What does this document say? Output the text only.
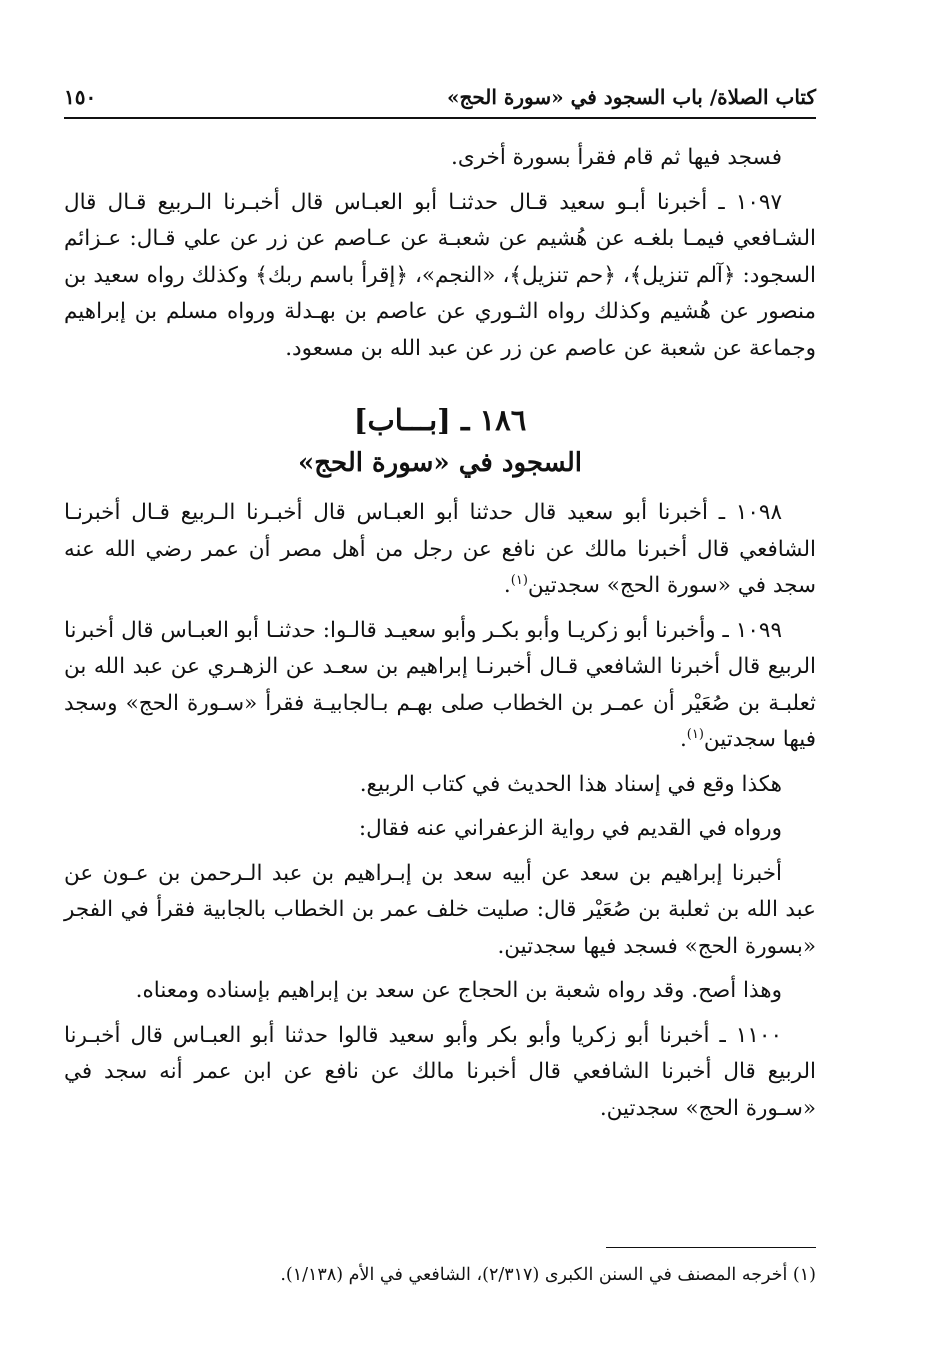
كتاب الصلاة/ باب السجود في «سورة الحج»
١٥٠

فسجد فيها ثم قام فقرأ بسورة أخرى.

١٠٩٧ ـ أخبرنا أبـو سعيد قـال حدثنـا أبو العبـاس قال أخبـرنا الـربيع قـال قال الشـافعي فيمـا بلغـه عن هُشيم عن شعبـة عن عـاصم عن زر عن علي قـال: عـزائم السجود: ﴿آلم تنزيل﴾، ﴿حم تنزيل﴾، «النجم»، ﴿إقرأ باسم ربك﴾ وكذلك رواه سعيد بن منصور عن هُشيم وكذلك رواه الثـوري عن عاصم بن بهـدلة ورواه مسلم بن إبراهيم وجماعة عن شعبة عن عاصم عن زر عن عبد الله بن مسعود.

١٨٦ ـ [بـــاب]
السجود في «سورة الحج»

١٠٩٨ ـ أخبرنا أبو سعيد قال حدثنا أبو العبـاس قال أخبـرنا الـربيع قـال أخبرنـا الشافعي قال أخبرنا مالك عن نافع عن رجل من أهل مصر أن عمر رضي الله عنه سجد في «سورة الحج» سجدتين$^{(١)}$.

١٠٩٩ ـ وأخبرنا أبو زكريـا وأبو بكـر وأبو سعيـد قالـوا: حدثنـا أبو العبـاس قال أخبرنا الربيع قال أخبرنا الشافعي قـال أخبرنـا إبراهيم بن سعـد عن الزهـري عن عبد الله بن ثعلبـة بن صُعَيْر أن عمـر بن الخطاب صلى بهـم بـالجابيـة فقرأ «سـورة الحج» وسجد فيها سجدتين$^{(١)}$.

هكذا وقع في إسناد هذا الحديث في كتاب الربيع.

ورواه في القديم في رواية الزعفراني عنه فقال:

أخبرنا إبراهيم بن سعد عن أبيه سعد بن إبـراهيم بن عبد الـرحمن بن عـون عن عبد الله بن ثعلبة بن صُعَيْر قال: صليت خلف عمر بن الخطاب بالجابية فقرأ في الفجر «بسورة الحج» فسجد فيها سجدتين.

وهذا أصح. وقد رواه شعبة بن الحجاج عن سعد بن إبراهيم بإسناده ومعناه.

١١٠٠ ـ أخبرنا أبو زكريا وأبو بكر وأبو سعيد قالوا حدثنا أبو العبـاس قال أخبـرنا الربيع قال أخبرنا الشافعي قال أخبرنا مالك عن نافع عن ابن عمر أنه سجد في «سـورة الحج» سجدتين.

(١) أخرجه المصنف في السنن الكبرى (٢/٣١٧)، الشافعي في الأم (١/١٣٨).
